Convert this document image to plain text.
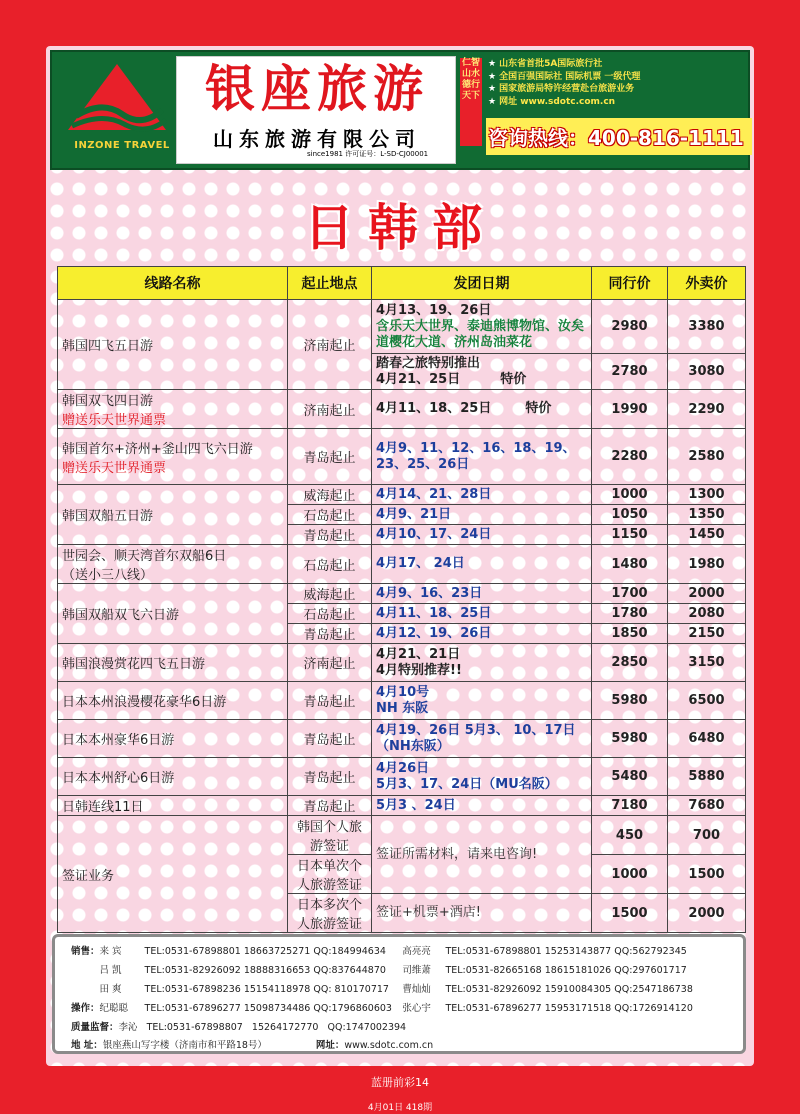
INZONE TRAVEL
银座旅游
山东旅游有限公司
since1981 许可证号：L-SD-CJ00001
仁智山水德行天下
★ 山东省首批5A国际旅行社
★ 全国百强国际社 国际机票 一级代理
★ 国家旅游局特许经营赴台旅游业务
★ 网址 www.sdotc.com.cn
咨询热线：400-816-1111
日韩部
线路名称	起止地点	发团日期	同行价	外卖价
韩国四飞五日游	济南起止	4月13、19、26日
含乐天大世界、泰迪熊博物馆、汝矣道樱花大道、济州岛油菜花	2980	3380
		踏春之旅特别推出
4月21、25日 特价	2780	3080
韩国双飞四日游
赠送乐天世界通票	济南起止	4月11、18、25日 特价	1990	2290
韩国首尔+济州+釜山四飞六日游
赠送乐天世界通票	青岛起止	4月9、11、12、16、18、19、23、25、26日	2280	2580
韩国双船五日游	威海起止	4月14、21、28日	1000	1300
	石岛起止	4月9、21日	1050	1350
	青岛起止	4月10、17、24日	1150	1450
世园会、顺天湾首尔双船6日
（送小三八线）	石岛起止	4月17、 24日	1480	1980
韩国双船双飞六日游	威海起止	4月9、16、23日	1700	2000
	石岛起止	4月11、18、25日	1780	2080
	青岛起止	4月12、19、26日	1850	2150
韩国浪漫赏花四飞五日游	济南起止	4月21、21日
4月特别推荐!!	2850	3150
日本本州浪漫樱花豪华6日游	青岛起止	4月10号
NH 东阪	5980	6500
日本本州豪华6日游	青岛起止	4月19、26日 5月3、 10、17日 （NH东阪）	5980	6480
日本本州舒心6日游	青岛起止	4月26日
5月3、17、24日（MU名阪）	5480	5880
日韩连线11日	青岛起止	5月3 、24日	7180	7680
签证业务	韩国个人旅游签证	签证所需材料，请来电咨询!	450	700
	日本单次个人旅游签证		1000	1500
	日本多次个人旅游签证	签证+机票+酒店!	1500	2000
销售：来 宾 TEL:0531-67898801 18663725271 QQ:184994634 高亮亮 TEL:0531-67898801 15253143877 QQ:562792345
吕 凯 TEL:0531-82926092 18888316653 QQ:837644870 司维萧 TEL:0531-82665168 18615181026 QQ:297601717
田 爽 TEL:0531-67898236 15154118978 QQ: 810170717 曹灿灿 TEL:0531-82926092 15910084305 QQ:2547186738
操作：纪聪聪 TEL:0531-67896277 15098734486 QQ:1796860603 张心宇 TEL:0531-67896277 15953171518 QQ:1726914120
质量监督：李沁 TEL:0531-67898807 15264172770 QQ:1747002394
地 址：银座燕山写字楼（济南市和平路18号）	网址：www.sdotc.com.cn
蓝册前彩14
4月01日 418期
